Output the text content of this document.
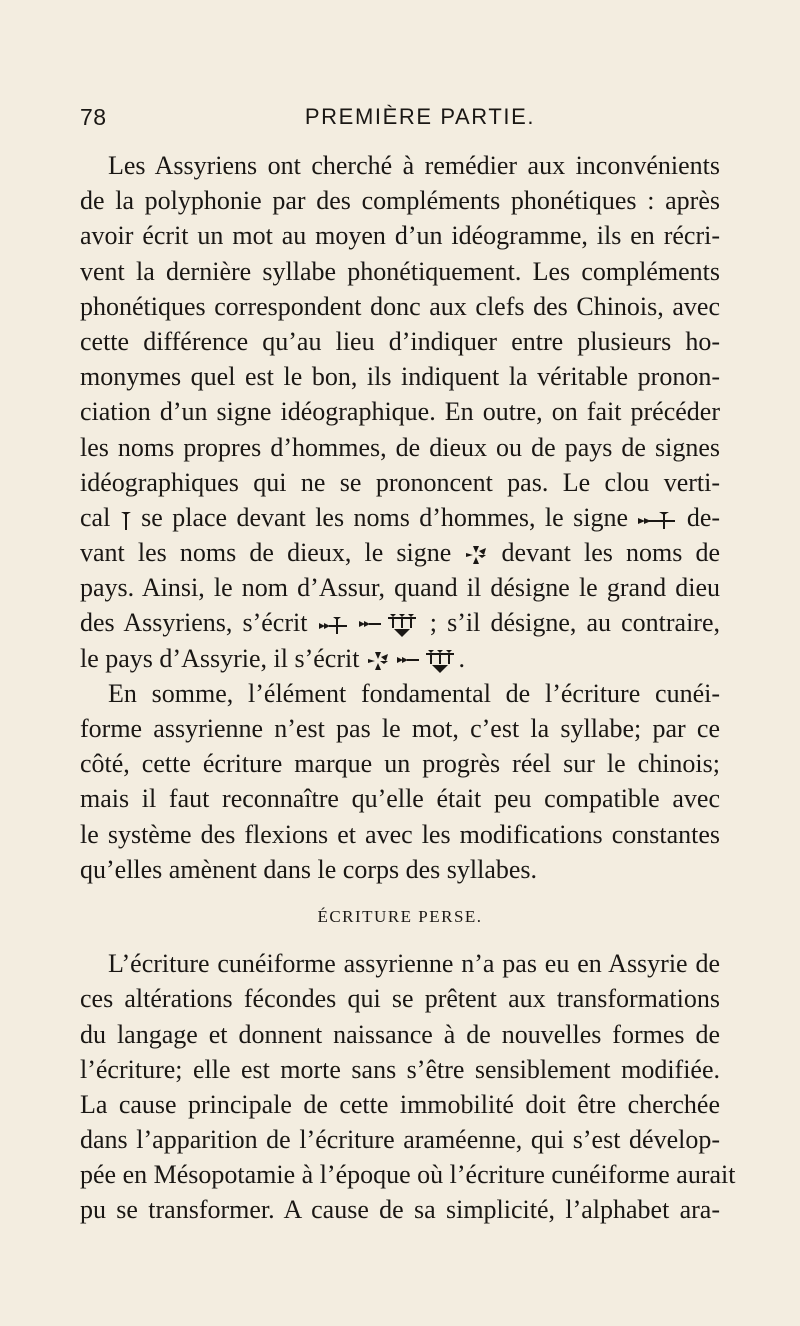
78	PREMIÈRE PARTIE.
Les Assyriens ont cherché à remédier aux inconvénients
de la polyphonie par des compléments phonétiques : après
avoir écrit un mot au moyen d’un idéogramme, ils en récri-
vent la dernière syllabe phonétiquement. Les compléments
phonétiques correspondent donc aux clefs des Chinois, avec
cette différence qu’au lieu d’indiquer entre plusieurs ho-
monymes quel est le bon, ils indiquent la véritable pronon-
ciation d’un signe idéographique. En outre, on fait précéder
les noms propres d’hommes, de dieux ou de pays de signes
idéographiques qui ne se prononcent pas. Le clou verti-
cal se place devant les noms d’hommes, le signe de-
vant les noms de dieux, le signe devant les noms de
pays. Ainsi, le nom d’Assur, quand il désigne le grand dieu
des Assyriens, s’écrit
	; s’il désigne, au contraire,
le pays d’Assyrie, il s’écrit
	.
En somme, l’élément fondamental de l’écriture cunéi-
forme assyrienne n’est pas le mot, c’est la syllabe; par ce
côté, cette écriture marque un progrès réel sur le chinois;
mais il faut reconnaître qu’elle était peu compatible avec
le système des flexions et avec les modifications constantes
qu’elles amènent dans le corps des syllabes.
ÉCRITURE PERSE.
L’écriture cunéiforme assyrienne n’a pas eu en Assyrie de
ces altérations fécondes qui se prêtent aux transformations
du langage et donnent naissance à de nouvelles formes de
l’écriture; elle est morte sans s’être sensiblement modifiée.
La cause principale de cette immobilité doit être cherchée
dans l’apparition de l’écriture araméenne, qui s’est dévelop-
pée en Mésopotamie à l’époque où l’écriture cunéiforme aurait
pu se transformer. A cause de sa simplicité, l’alphabet ara-
